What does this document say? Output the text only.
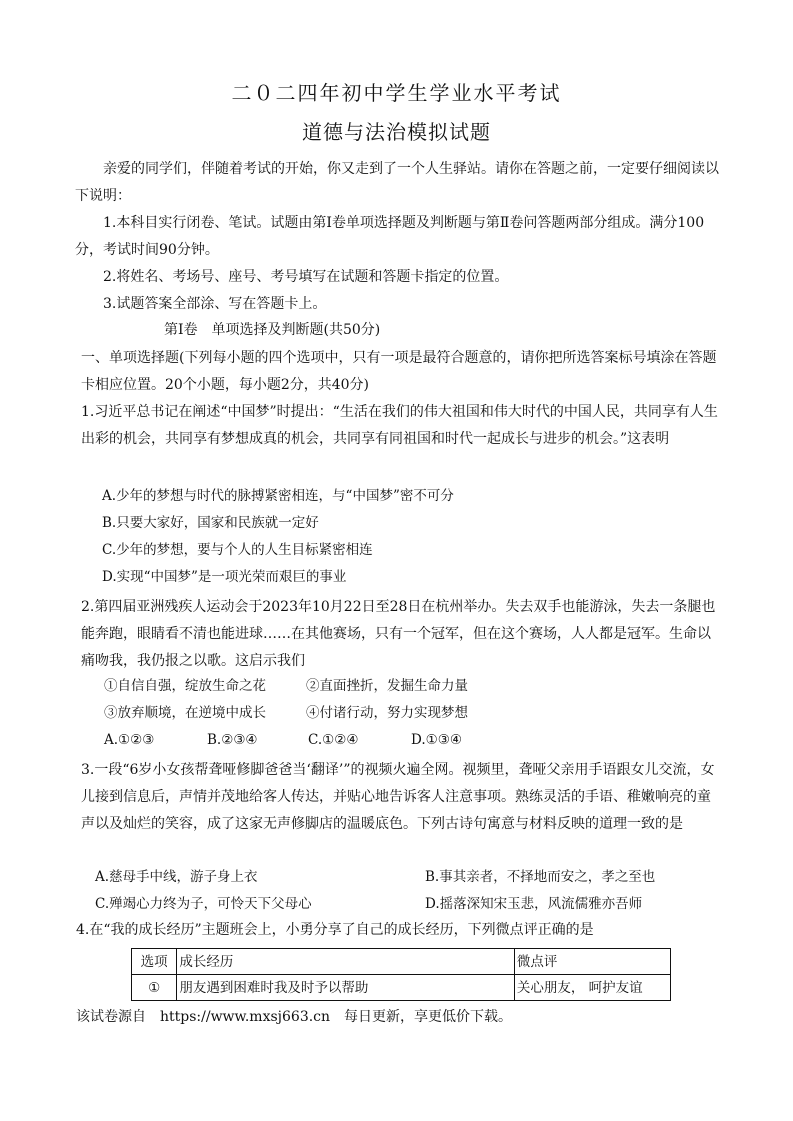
二０二四年初中学生学业水平考试
道德与法治模拟试题
亲爱的同学们，伴随着考试的开始，你又走到了一个人生驿站。请你在答题之前，一定要仔细阅读以下说明：
1.本科目实行闭卷、笔试。试题由第Ⅰ卷单项选择题及判断题与第Ⅱ卷问答题两部分组成。满分100分，考试时间90分钟。
2.将姓名、考场号、座号、考号填写在试题和答题卡指定的位置。
3.试题答案全部涂、写在答题卡上。
第Ⅰ卷　单项选择及判断题(共50分)
一、单项选择题(下列每小题的四个选项中，只有一项是最符合题意的，请你把所选答案标号填涂在答题卡相应位置。20个小题，每小题2分，共40分)
1.习近平总书记在阐述“中国梦”时提出：“生活在我们的伟大祖国和伟大时代的中国人民，共同享有人生出彩的机会，共同享有梦想成真的机会，共同享有同祖国和时代一起成长与进步的机会。”这表明
A.少年的梦想与时代的脉搏紧密相连，与“中国梦”密不可分
B.只要大家好，国家和民族就一定好
C.少年的梦想，要与个人的人生目标紧密相连
D.实现“中国梦”是一项光荣而艰巨的事业
2.第四届亚洲残疾人运动会于2023年10月22日至28日在杭州举办。失去双手也能游泳，失去一条腿也能奔跑，眼睛看不清也能进球……在其他赛场，只有一个冠军，但在这个赛场，人人都是冠军。生命以痛吻我，我仍报之以歌。这启示我们
①自信自强，绽放生命之花	②直面挫折，发掘生命力量
③放弃顺境，在逆境中成长	④付诸行动，努力实现梦想
A.①②③	B.②③④	C.①②④	D.①③④
3.一段“6岁小女孩帮聋哑修脚爸爸当‘翻译’”的视频火遍全网。视频里，聋哑父亲用手语跟女儿交流，女儿接到信息后，声情并茂地给客人传达，并贴心地告诉客人注意事项。熟练灵活的手语、稚嫩响亮的童声以及灿烂的笑容，成了这家无声修脚店的温暖底色。下列古诗句寓意与材料反映的道理一致的是
A.慈母手中线，游子身上衣	B.事其亲者，不择地而安之，孝之至也
C.殚竭心力终为子，可怜天下父母心	D.摇落深知宋玉悲，风流儒雅亦吾师
4.在“我的成长经历”主题班会上，小勇分享了自己的成长经历，下列微点评正确的是
选项	成长经历	微点评
①	朋友遇到困难时我及时予以帮助	关心朋友， 呵护友谊
该试卷源自　https://www.mxsj663.cn　每日更新，享更低价下载。
